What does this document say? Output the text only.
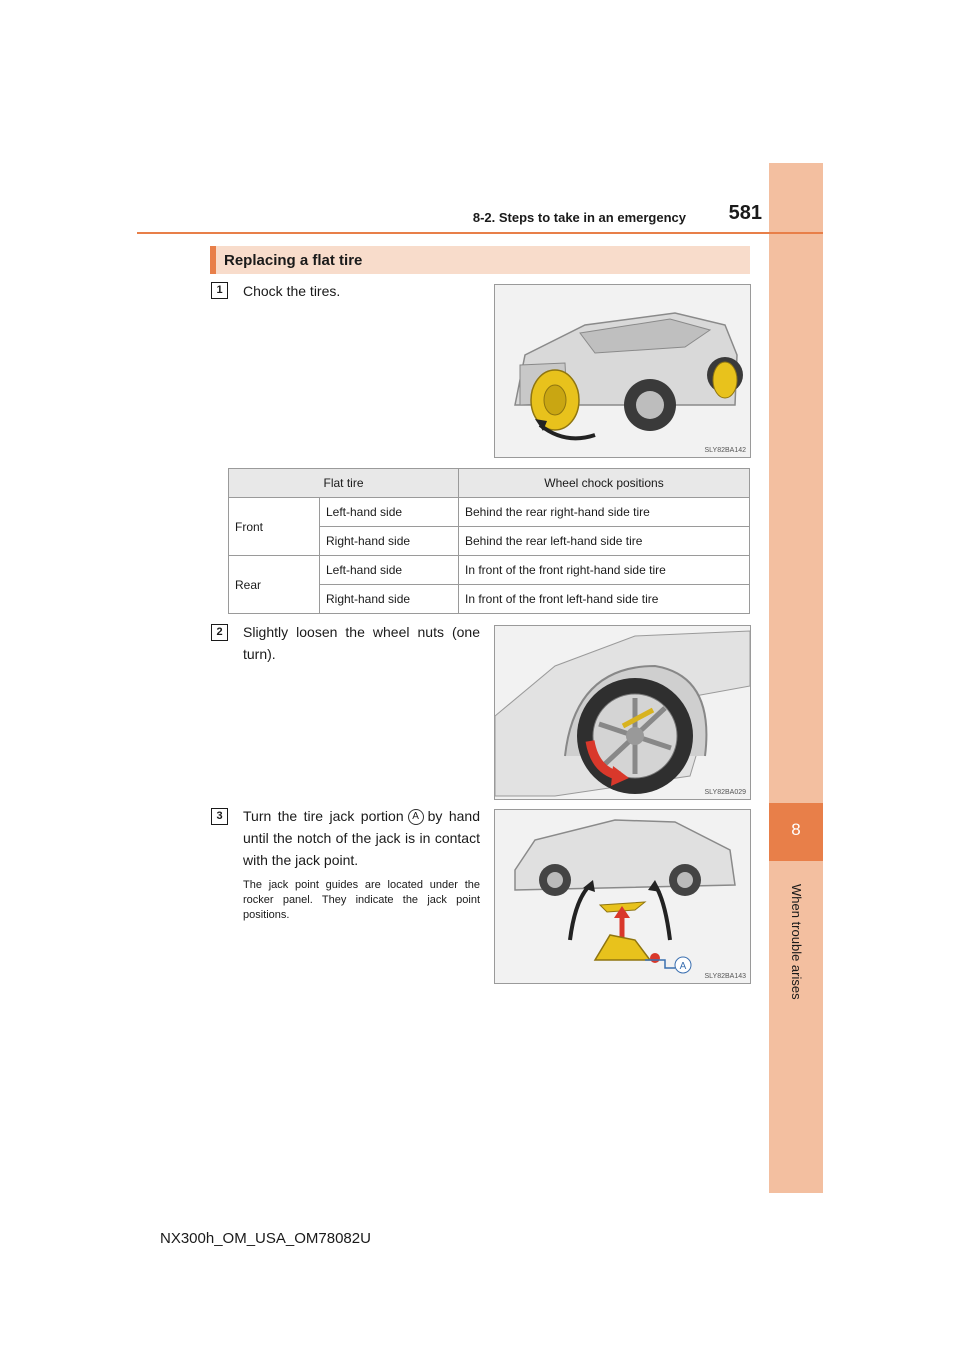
8
When trouble arises
8-2. Steps to take in an emergency	581
Replacing a flat tire
1	Chock the tires.
SLY82BA142
Flat tire		Wheel chock positions
Front	Left-hand side	Behind the rear right-hand side tire
	Right-hand side	Behind the rear left-hand side tire
Rear	Left-hand side	In front of the front right-hand side tire
	Right-hand side	In front of the front left-hand side tire
2	Slightly loosen the wheel nuts (one turn).
SLY82BA029
3	Turn the tire jack portion A by hand until the notch of the jack is in contact with the jack point.
The jack point guides are located under the rocker panel. They indicate the jack point positions.
A
SLY82BA143
NX300h_OM_USA_OM78082U
